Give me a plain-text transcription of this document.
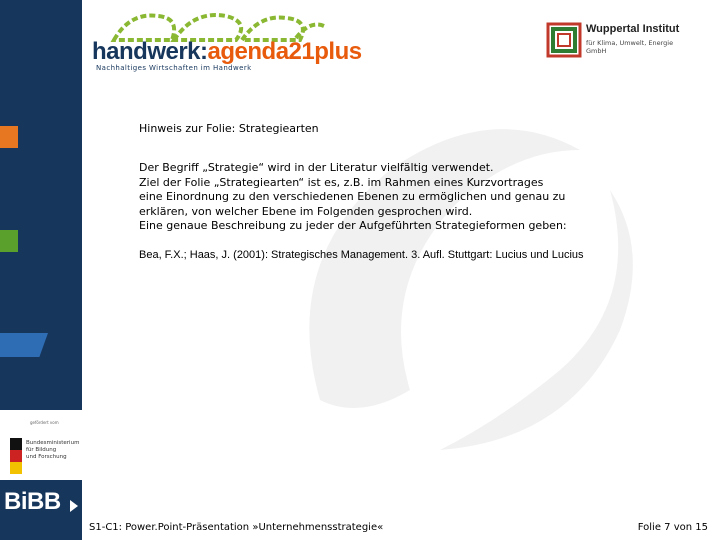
gefördert vom
Bundesministerium
für Bildung
und Forschung
BiBB
handwerk:agenda21plus
Nachhaltiges Wirtschaften im Handwerk
Wuppertal Institut
für Klima, Umwelt, Energie
GmbH

Hinweis zur Folie: Strategiearten

Der Begriff „Strategie“ wird in der Literatur vielfältig verwendet.
Ziel der Folie „Strategiearten“ ist es, z.B. im Rahmen eines Kurzvortrages
eine Einordnung zu den verschiedenen Ebenen zu ermöglichen und genau zu
erklären, von welcher Ebene im Folgenden gesprochen wird.
Eine genaue Beschreibung zu jeder der Aufgeführten Strategieformen geben:
Bea, F.X.; Haas, J. (2001): Strategisches Management. 3. Aufl. Stuttgart: Lucius und Lucius
S1-C1: Power.Point-Präsentation »Unternehmensstrategie«	Folie 7 von 15
